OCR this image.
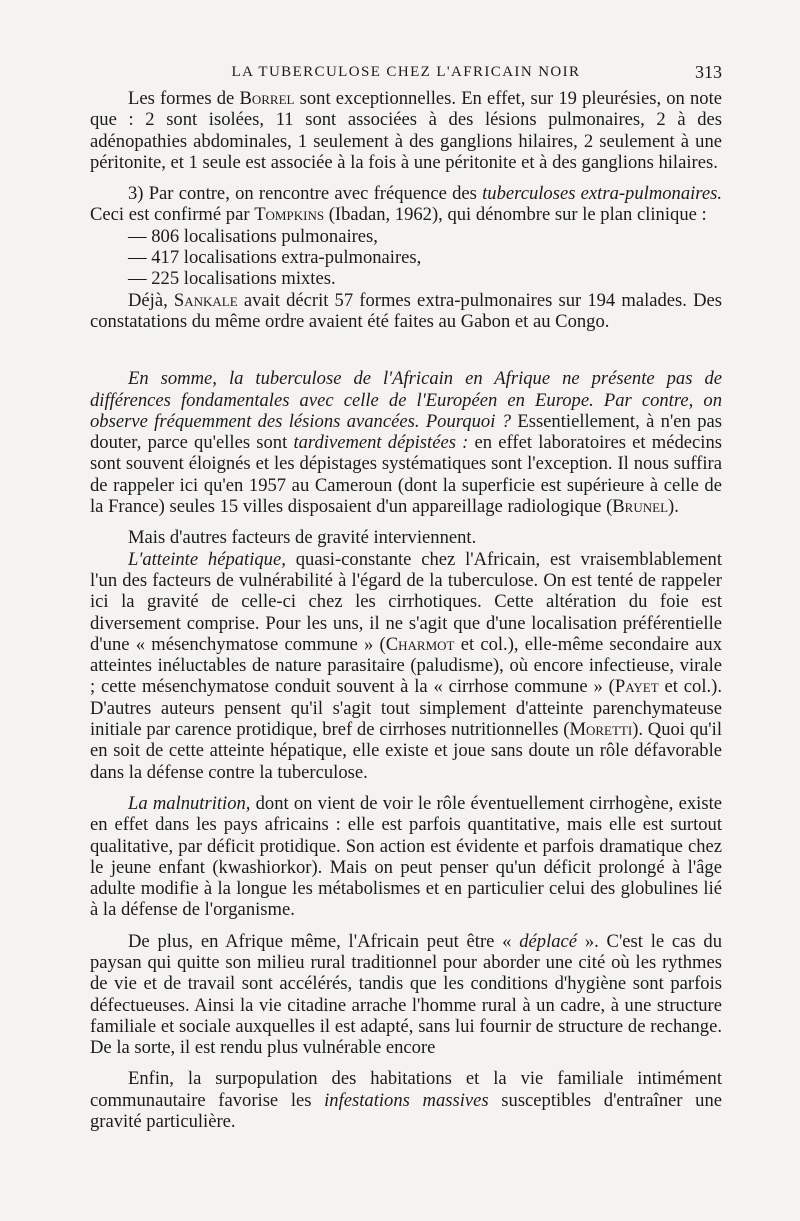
LA TUBERCULOSE CHEZ L'AFRICAIN NOIR	313

Les formes de Borrel sont exceptionnelles. En effet, sur 19 pleurésies, on note que : 2 sont isolées, 11 sont associées à des lésions pulmonaires, 2 à des adénopathies abdominales, 1 seulement à des ganglions hilaires, 2 seulement à une péritonite, et 1 seule est associée à la fois à une péritonite et à des ganglions hilaires.

3) Par contre, on rencontre avec fréquence des tuberculoses extra-pulmonaires. Ceci est confirmé par Tompkins (Ibadan, 1962), qui dénombre sur le plan clinique :

— 806 localisations pulmonaires,

— 417 localisations extra-pulmonaires,

— 225 localisations mixtes.

Déjà, Sankale avait décrit 57 formes extra-pulmonaires sur 194 malades. Des constatations du même ordre avaient été faites au Gabon et au Congo.

En somme, la tuberculose de l'Africain en Afrique ne présente pas de différences fondamentales avec celle de l'Européen en Europe. Par contre, on observe fréquemment des lésions avancées. Pourquoi ? Essentiellement, à n'en pas douter, parce qu'elles sont tardivement dépistées : en effet laboratoires et médecins sont souvent éloignés et les dépistages systématiques sont l'exception. Il nous suffira de rappeler ici qu'en 1957 au Cameroun (dont la superficie est supérieure à celle de la France) seules 15 villes disposaient d'un appareillage radiologique (Brunel).

Mais d'autres facteurs de gravité interviennent.

L'atteinte hépatique, quasi-constante chez l'Africain, est vraisemblablement l'un des facteurs de vulnérabilité à l'égard de la tuberculose. On est tenté de rappeler ici la gravité de celle-ci chez les cirrhotiques. Cette altération du foie est diversement comprise. Pour les uns, il ne s'agit que d'une localisation préférentielle d'une « mésenchymatose commune » (Charmot et col.), elle-même secondaire aux atteintes inéluctables de nature parasitaire (paludisme), où encore infectieuse, virale ; cette mésenchymatose conduit souvent à la « cirrhose commune » (Payet et col.). D'autres auteurs pensent qu'il s'agit tout simplement d'atteinte parenchymateuse initiale par carence protidique, bref de cirrhoses nutritionnelles (Moretti). Quoi qu'il en soit de cette atteinte hépatique, elle existe et joue sans doute un rôle défavorable dans la défense contre la tuberculose.

La malnutrition, dont on vient de voir le rôle éventuellement cirrhogène, existe en effet dans les pays africains : elle est parfois quantitative, mais elle est surtout qualitative, par déficit protidique. Son action est évidente et parfois dramatique chez le jeune enfant (kwashiorkor). Mais on peut penser qu'un déficit prolongé à l'âge adulte modifie à la longue les métabolismes et en particulier celui des globulines lié à la défense de l'organisme.

De plus, en Afrique même, l'Africain peut être « déplacé ». C'est le cas du paysan qui quitte son milieu rural traditionnel pour aborder une cité où les rythmes de vie et de travail sont accélérés, tandis que les conditions d'hygiène sont parfois défectueuses. Ainsi la vie citadine arrache l'homme rural à un cadre, à une structure familiale et sociale auxquelles il est adapté, sans lui fournir de structure de rechange. De la sorte, il est rendu plus vulnérable encore

Enfin, la surpopulation des habitations et la vie familiale intimément communautaire favorise les infestations massives susceptibles d'entraîner une gravité particulière.
